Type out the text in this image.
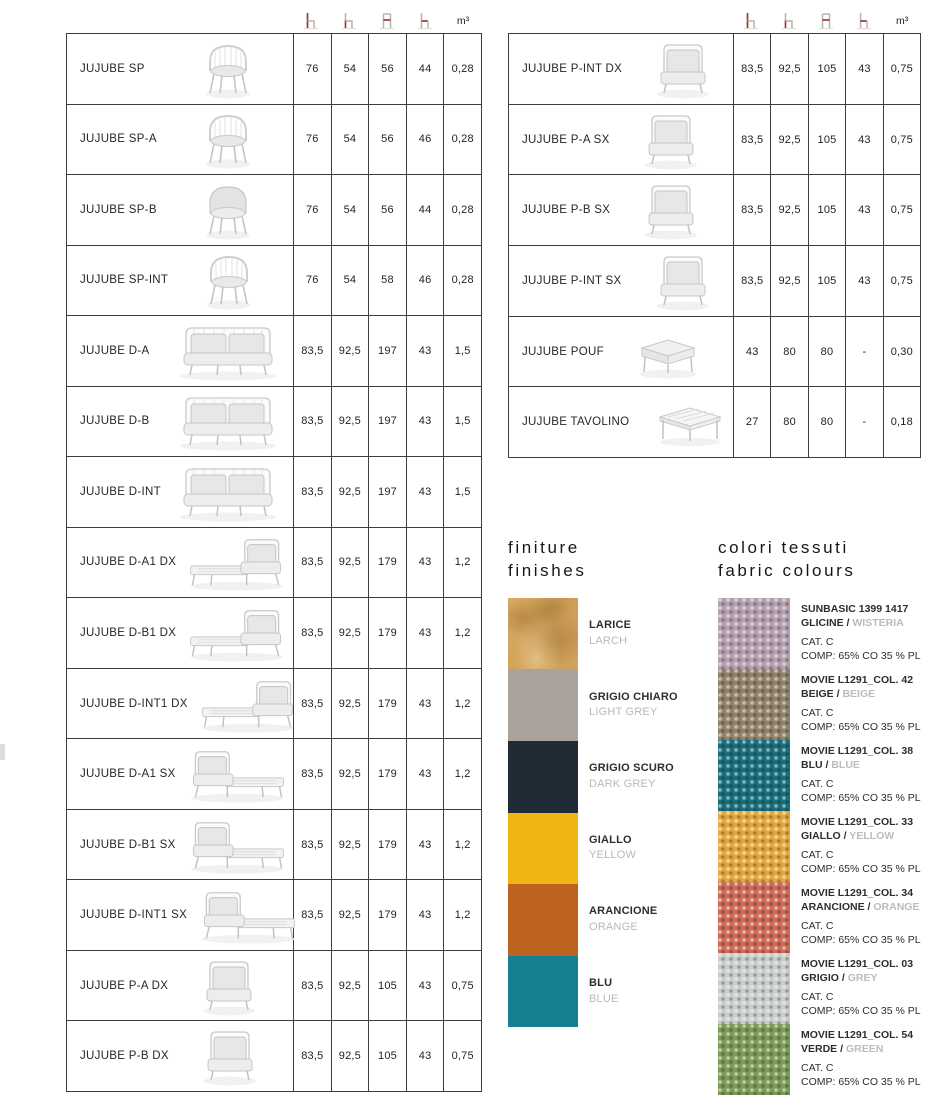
m³
JUJUBE SP	76	54	56	44	0,28
JUJUBE SP-A	76	54	56	46	0,28
JUJUBE SP-B	76	54	56	44	0,28
JUJUBE SP-INT	76	54	58	46	0,28
JUJUBE D-A	83,5	92,5	197	43	1,5
JUJUBE D-B	83,5	92,5	197	43	1,5
JUJUBE D-INT	83,5	92,5	197	43	1,5
JUJUBE D-A1 DX	83,5	92,5	179	43	1,2
JUJUBE D-B1 DX	83,5	92,5	179	43	1,2
JUJUBE D-INT1 DX	83,5	92,5	179	43	1,2
JUJUBE D-A1 SX	83,5	92,5	179	43	1,2
JUJUBE D-B1 SX	83,5	92,5	179	43	1,2
JUJUBE D-INT1 SX	83,5	92,5	179	43	1,2
JUJUBE P-A DX	83,5	92,5	105	43	0,75
JUJUBE P-B DX	83,5	92,5	105	43	0,75
m³
JUJUBE P-INT DX	83,5	92,5	105	43	0,75
JUJUBE P-A SX	83,5	92,5	105	43	0,75
JUJUBE P-B SX	83,5	92,5	105	43	0,75
JUJUBE P-INT SX	83,5	92,5	105	43	0,75
JUJUBE POUF	43	80	80	-	0,30
JUJUBE TAVOLINO	27	80	80	-	0,18
finiture
finishes
LARICE
LARCH
GRIGIO CHIARO
LIGHT GREY
GRIGIO SCURO
DARK GREY
GIALLO
YELLOW
ARANCIONE
ORANGE
BLU
BLUE
colori tessuti
fabric colours
SUNBASIC 1399 1417
GLICINE / WISTERIA
CAT. C
COMP: 65% CO 35 % PL
MOVIE L1291_COL. 42
BEIGE / BEIGE
CAT. C
COMP: 65% CO 35 % PL
MOVIE L1291_COL. 38
BLU / BLUE
CAT. C
COMP: 65% CO 35 % PL
MOVIE L1291_COL. 33
GIALLO / YELLOW
CAT. C
COMP: 65% CO 35 % PL
MOVIE L1291_COL. 34
ARANCIONE / ORANGE
CAT. C
COMP: 65% CO 35 % PL
MOVIE L1291_COL. 03
GRIGIO / GREY
CAT. C
COMP: 65% CO 35 % PL
MOVIE L1291_COL. 54
VERDE / GREEN
CAT. C
COMP: 65% CO 35 % PL
